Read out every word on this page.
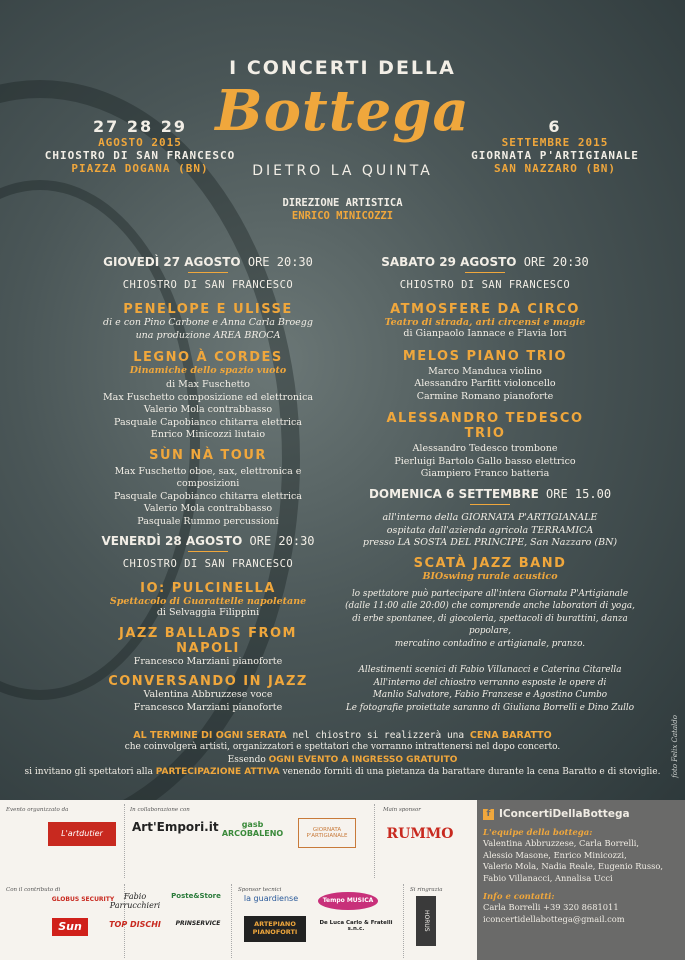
I CONCERTI DELLA
Bottega
DIETRO LA QUINTA
DIREZIONE ARTISTICA
ENRICO MINICOZZI
27 28 29
AGOSTO 2015
CHIOSTRO DI SAN FRANCESCO
PIAZZA DOGANA (BN)
6
SETTEMBRE 2015
GIORNATA P'ARTIGIANALE
SAN NAZZARO (BN)
GIOVEDÌ 27 AGOSTO ORE 20:30
CHIOSTRO DI SAN FRANCESCO
PENELOPE E ULISSE
di e con Pino Carbone e Anna Carla Broegg
una produzione AREA BROCA
LEGNO À CORDES
Dinamiche dello spazio vuoto
di Max Fuschetto
Max Fuschetto composizione ed elettronica
Valerio Mola contrabbasso
Pasquale Capobianco chitarra elettrica
Enrico Minicozzi liutaio
SÙN NÀ TOUR
Max Fuschetto oboe, sax, elettronica e composizioni
Pasquale Capobianco chitarra elettrica
Valerio Mola contrabbasso
Pasquale Rummo percussioni
VENERDÌ 28 AGOSTO ORE 20:30
CHIOSTRO DI SAN FRANCESCO
IO: PULCINELLA
Spettacolo di Guarattelle napoletane
di Selvaggia Filippini
JAZZ BALLADS FROM NAPOLI
Francesco Marziani pianoforte
CONVERSANDO IN JAZZ
Valentina Abbruzzese voce
Francesco Marziani pianoforte
SABATO 29 AGOSTO ORE 20:30
CHIOSTRO DI SAN FRANCESCO
ATMOSFERE DA CIRCO
Teatro di strada, arti circensi e magie
di Gianpaolo Iannace e Flavia Iori
MELOS PIANO TRIO
Marco Manduca violino
Alessandro Parfitt violoncello
Carmine Romano pianoforte
ALESSANDRO TEDESCO TRIO
Alessandro Tedesco trombone
Pierluigi Bartolo Gallo basso elettrico
Giampiero Franco batteria
DOMENICA 6 SETTEMBRE ORE 15.00
all'interno della GIORNATA P'ARTIGIANALE
ospitata dall'azienda agricola TERRAMICA
presso LA SOSTA DEL PRINCIPE, San Nazzaro (BN)
SCATÀ JAZZ BAND
BIOswing rurale acustico
lo spettatore può partecipare all'intera Giornata P'Artigianale
(dalle 11:00 alle 20:00) che comprende anche laboratori di yoga,
di erbe spontanee, di giocoleria, spettacoli di burattini, danza popolare,
mercatino contadino e artigianale, pranzo.
Allestimenti scenici di Fabio Villanacci e Caterina Citarella
All'interno del chiostro verranno esposte le opere di
Manlio Salvatore, Fabio Franzese e Agostino Cumbo
Le fotografie proiettate saranno di Giuliana Borrelli e Dino Zullo
AL TERMINE DI OGNI SERATA nel chiostro si realizzerà una CENA BARATTO
che coinvolgerà artisti, organizzatori e spettatori che vorranno intrattenersi nel dopo concerto.
Essendo OGNI EVENTO A INGRESSO GRATUITO
si invitano gli spettatori alla PARTECIPAZIONE ATTIVA venendo forniti di una pietanza da barattare durante la cena Baratto e di stoviglie.	foto Felix Cataldo
Evento organizzato da	In collaborazione con	Main sponsor
Con il contributo di	Sponsor tecnici	Si ringrazia
L'artdutier	Art'Empori.it	gasb ARCOBALENO	GIORNATA P'ARTIGIANALE	RUMMO
GLOBUS SECURITY
Sun
Fabio Parrucchieri
TOP DISCHI
Poste&Store
PRINSERVICE
la guardiense	Tempo MUSICA
ARTEPIANO PIANOFORTI
De Luca Carlo & Fratelli s.n.c.	HORUS
f IConcertiDellaBottega
L'equipe della bottega:
Valentina Abbruzzese, Carla Borrelli,
Alessio Masone, Enrico Minicozzi,
Valerio Mola, Nadia Reale, Eugenio Russo,
Fabio Villanacci, Annalisa Ucci
Info e contatti:
Carla Borrelli +39 320 8681011
iconcertidellabottega@gmail.com
